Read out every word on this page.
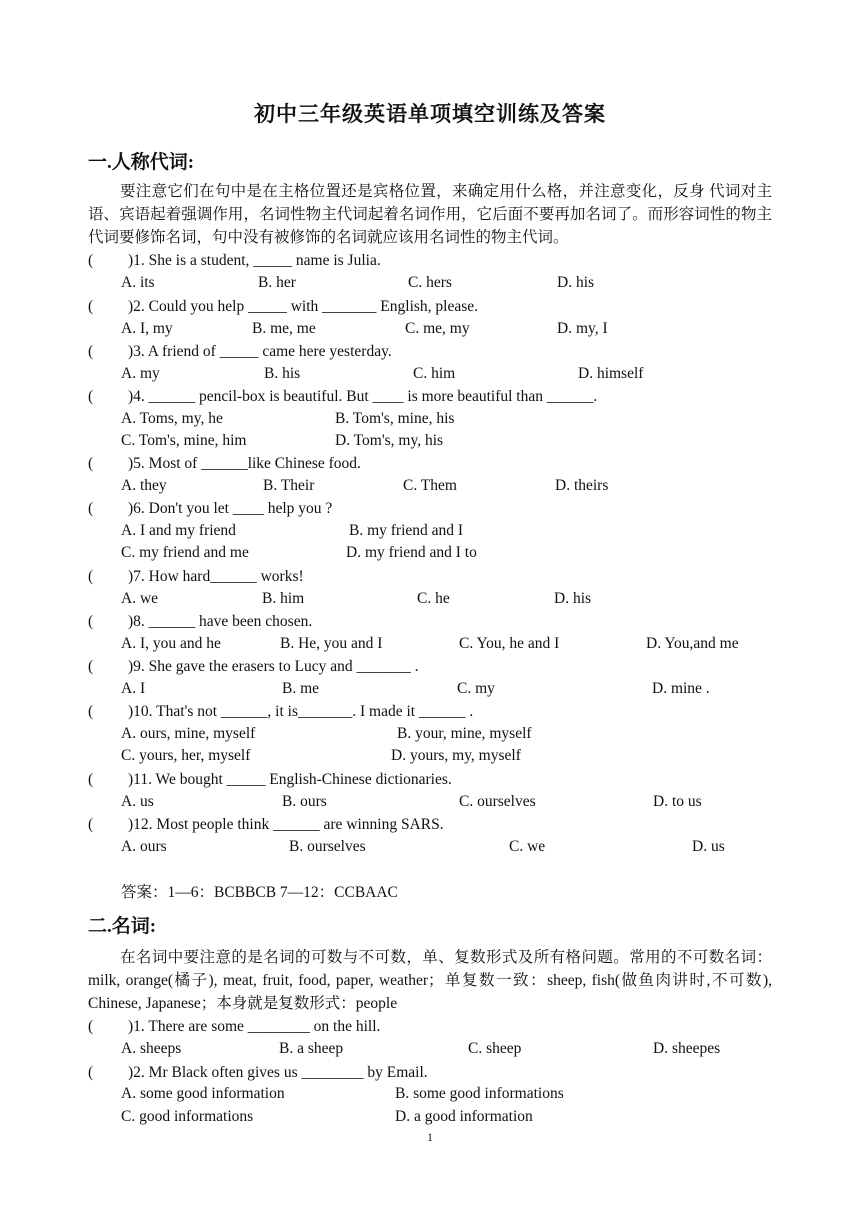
初中三年级英语单项填空训练及答案
一.人称代词:
要注意它们在句中是在主格位置还是宾格位置，来确定用什么格，并注意变化，反身 代词对主语、宾语起着强调作用，名词性物主代词起着名词作用，它后面不要再加名词了。而形容词性的物主代词要修饰名词，句中没有被修饰的名词就应该用名词性的物主代词。
( )1. She is a student, _____ name is Julia.
A. its	B. her	C. hers	D. his
( )2. Could you help _____ with _______ English, please.
A. I, my	B. me, me	C. me, my	D. my, I
( )3. A friend of _____ came here yesterday.
A. my	B. his	C. him	D. himself
( )4. ______ pencil-box is beautiful. But ____ is more beautiful than ______.
A. Toms, my, he	B. Tom's, mine, his
C. Tom's, mine, him	D. Tom's, my, his
( )5. Most of ______like Chinese food.
A. they	B. Their	C. Them	D. theirs
( )6. Don't you let ____ help you ?
A. I and my friend	B. my friend and I
C. my friend and me	D. my friend and I to
( )7. How hard______ works!
A. we	B. him	C. he	D. his
( )8. ______ have been chosen.
A. I, you and he	B. He, you and I	C. You, he and I	D. You,and me
( )9. She gave the erasers to Lucy and _______ .
A. I	B. me	C. my	D. mine .
( )10. That's not ______, it is_______. I made it ______ .
A. ours, mine, myself	B. your, mine, myself
C. yours, her, myself	D. yours, my, myself
( )11. We bought _____ English-Chinese dictionaries.
A. us	B. ours	C. ourselves	D. to us
( )12. Most people think ______ are winning SARS.
A. ours	B. ourselves	C. we	D. us
答案：1—6：BCBBCB 7—12：CCBAAC
二.名词:
在名词中要注意的是名词的可数与不可数，单、复数形式及所有格问题。常用的不可数名词：milk, orange(橘子), meat, fruit, food, paper, weather；单复数一致：sheep, fish(做鱼肉讲时,不可数), Chinese, Japanese；本身就是复数形式：people
( )1. There are some ________ on the hill.
A. sheeps	B. a sheep	C. sheep	D. sheepes
( )2. Mr Black often gives us ________ by Email.
A. some good information	B. some good informations
C. good informations	D. a good information
1
